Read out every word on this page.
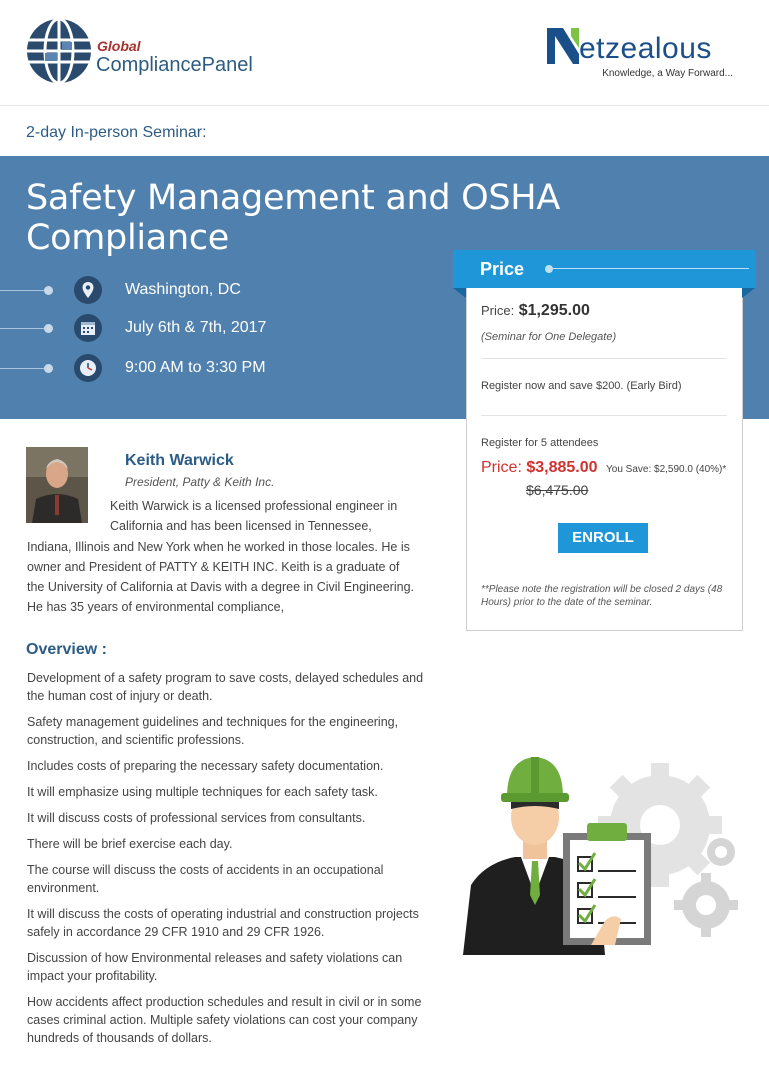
Global
CompliancePanel	etzealous
Knowledge, a Way Forward...
2-day In-person Seminar:
Safety Management and OSHA Compliance
Washington, DC
July 6th & 7th, 2017
9:00 AM to 3:30 PM
Price
Price: $1,295.00
(Seminar for One Delegate)
Register now and save $200. (Early Bird)
Register for 5 attendees
Price: $3,885.00 You Save: $2,590.0 (40%)*
$6,475.00
ENROLL
**Please note the registration will be closed 2 days (48 Hours) prior to the date of the seminar.
Keith Warwick
President, Patty & Keith Inc.
Keith Warwick is a licensed professional engineer in
California and has been licensed in Tennessee,
Indiana, Illinois and New York when he worked in those locales. He is
owner and President of PATTY & KEITH INC. Keith is a graduate of
the University of California at Davis with a degree in Civil Engineering.
He has 35 years of environmental compliance,
Overview :

Development of a safety program to save costs, delayed schedules and the human cost of injury or death.

Safety management guidelines and techniques for the engineering, construction, and scientific professions.

Includes costs of preparing the necessary safety documentation.

It will emphasize using multiple techniques for each safety task.

It will discuss costs of professional services from consultants.

There will be brief exercise each day.

The course will discuss the costs of accidents in an occupational environment.

It will discuss the costs of operating industrial and construction projects safely in accordance 29 CFR 1910 and 29 CFR 1926.

Discussion of how Environmental releases and safety violations can impact your profitability.

How accidents affect production schedules and result in civil or in some cases criminal action. Multiple safety violations can cost your company hundreds of thousands of dollars.
